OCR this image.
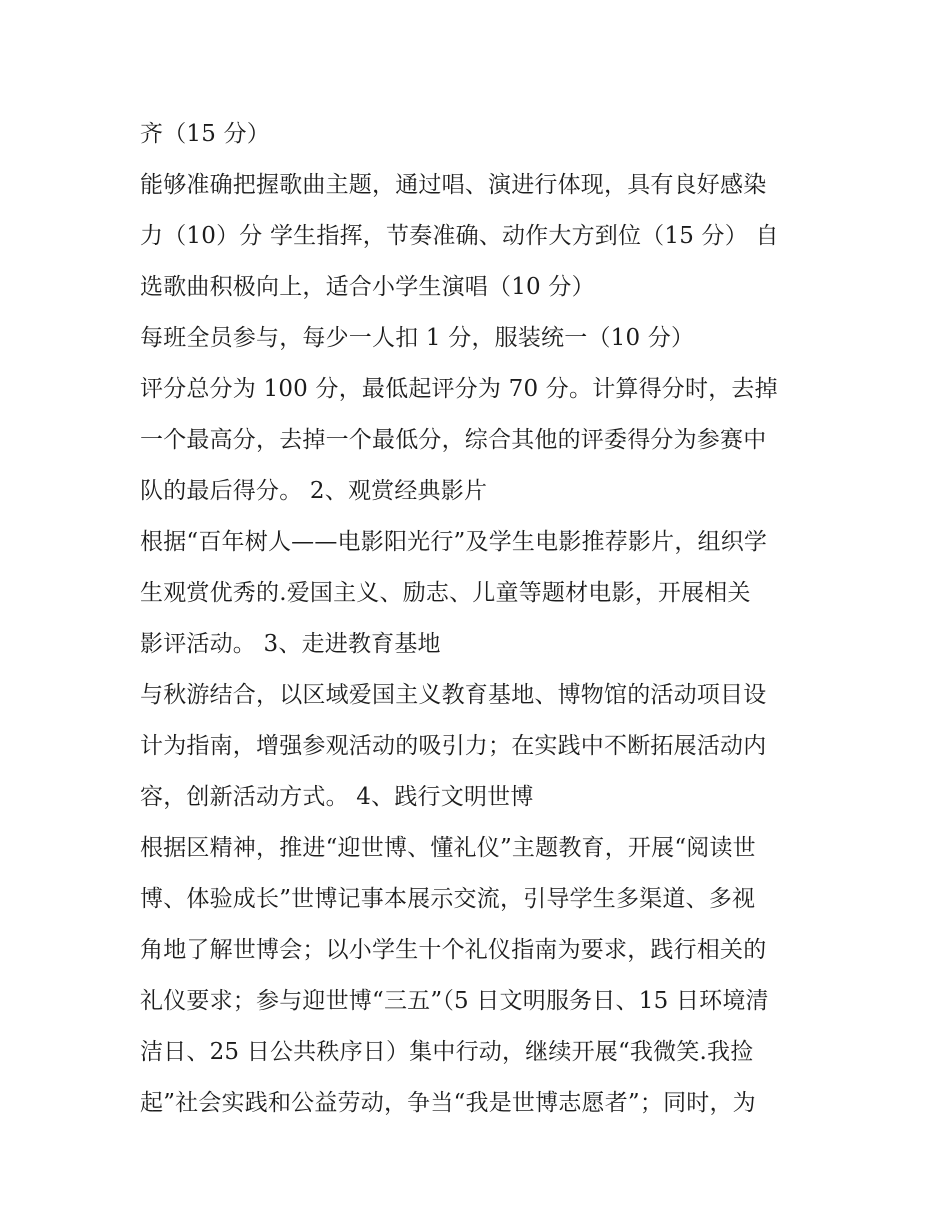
齐（15 分）
能够准确把握歌曲主题，通过唱、演进行体现，具有良好感染
力（10）分 学生指挥，节奏准确、动作大方到位（15 分） 自
选歌曲积极向上，适合小学生演唱（10 分）
每班全员参与，每少一人扣 1 分，服装统一（10 分）
评分总分为 100 分，最低起评分为 70 分。计算得分时，去掉
一个最高分，去掉一个最低分，综合其他的评委得分为参赛中
队的最后得分。 2、观赏经典影片
根据“百年树人——电影阳光行”及学生电影推荐影片，组织学
生观赏优秀的.爱国主义、励志、儿童等题材电影，开展相关
影评活动。 3、走进教育基地
与秋游结合，以区域爱国主义教育基地、博物馆的活动项目设
计为指南，增强参观活动的吸引力；在实践中不断拓展活动内
容，创新活动方式。 4、践行文明世博
根据区精神，推进“迎世博、懂礼仪”主题教育，开展“阅读世
博、体验成长”世博记事本展示交流，引导学生多渠道、多视
角地了解世博会；以小学生十个礼仪指南为要求，践行相关的
礼仪要求；参与迎世博“三五”（5 日文明服务日、15 日环境清
洁日、25 日公共秩序日）集中行动，继续开展“我微笑.我捡
起”社会实践和公益劳动，争当“我是世博志愿者”；同时，为
